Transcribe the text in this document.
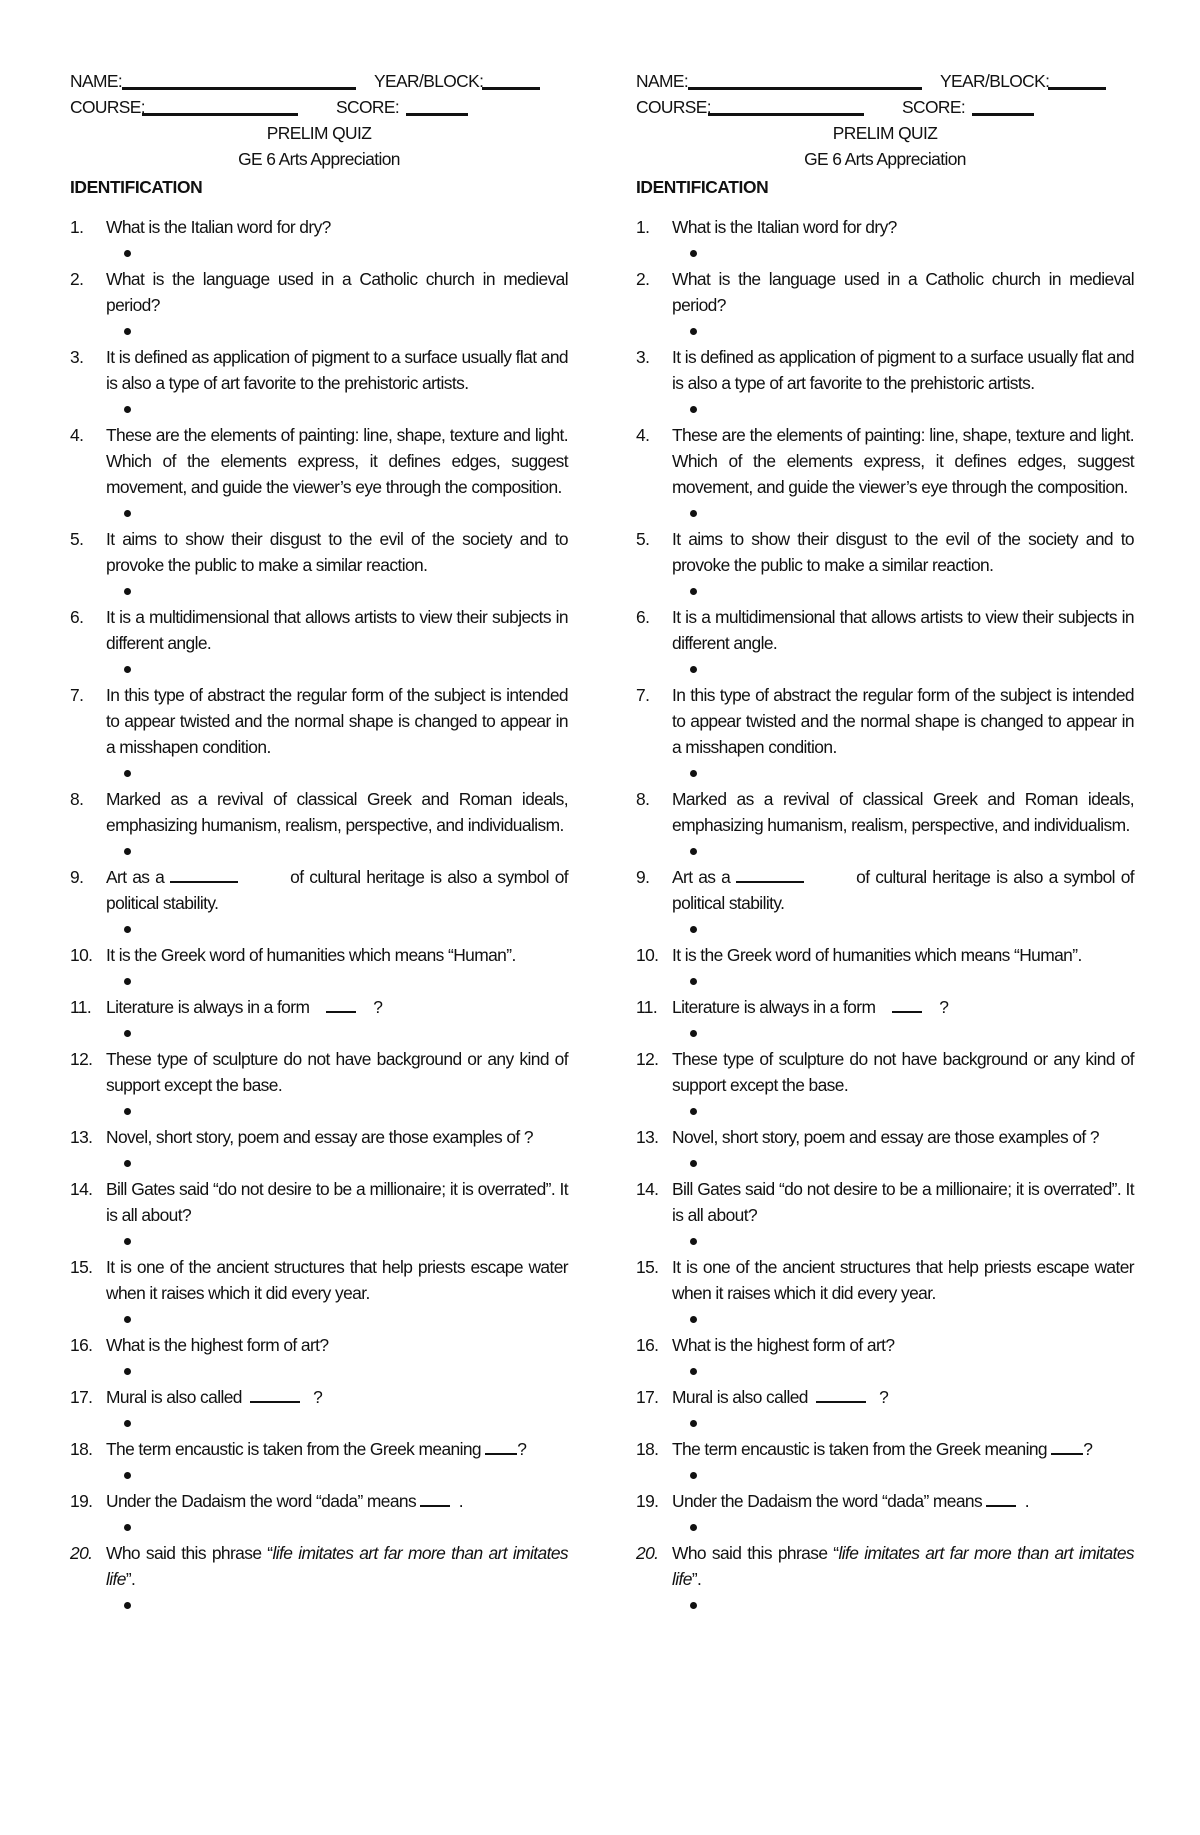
NAME:	YEAR/BLOCK:
COURSE:	SCORE:
PRELIM QUIZ
GE 6 Arts Appreciation
IDENTIFICATION
1. What is the Italian word for dry?
2. What is the language used in a Catholic church in medieval period?
3. It is defined as application of pigment to a surface usually flat and is also a type of art favorite to the prehistoric artists.
4. These are the elements of painting: line, shape, texture and light. Which of the elements express, it defines edges, suggest movement, and guide the viewer’s eye through the composition.
5. It aims to show their disgust to the evil of the society and to provoke the public to make a similar reaction.
6. It is a multidimensional that allows artists to view their subjects in different angle.
7. In this type of abstract the regular form of the subject is intended to appear twisted and the normal shape is changed to appear in a misshapen condition.
8. Marked as a revival of classical Greek and Roman ideals, emphasizing humanism, realism, perspective, and individualism.
9. Art as a	of cultural heritage is also a symbol of political stability.
10. It is the Greek word of humanities which means “Human”.
11. Literature is always in a form	?
12. These type of sculpture do not have background or any kind of support except the base.
13. Novel, short story, poem and essay are those examples of ?
14. Bill Gates said “do not desire to be a millionaire; it is overrated”. It is all about?
15. It is one of the ancient structures that help priests escape water when it raises which it did every year.
16. What is the highest form of art?
17. Mural is also called	?
18. The term encaustic is taken from the Greek meaning ?
19. Under the Dadaism the word “dada” means .
20. Who said this phrase “life imitates art far more than art imitates life”.
NAME:	YEAR/BLOCK:
COURSE:	SCORE:
PRELIM QUIZ
GE 6 Arts Appreciation
IDENTIFICATION
1. What is the Italian word for dry?
2. What is the language used in a Catholic church in medieval period?
3. It is defined as application of pigment to a surface usually flat and is also a type of art favorite to the prehistoric artists.
4. These are the elements of painting: line, shape, texture and light. Which of the elements express, it defines edges, suggest movement, and guide the viewer’s eye through the composition.
5. It aims to show their disgust to the evil of the society and to provoke the public to make a similar reaction.
6. It is a multidimensional that allows artists to view their subjects in different angle.
7. In this type of abstract the regular form of the subject is intended to appear twisted and the normal shape is changed to appear in a misshapen condition.
8. Marked as a revival of classical Greek and Roman ideals, emphasizing humanism, realism, perspective, and individualism.
9. Art as a	of cultural heritage is also a symbol of political stability.
10. It is the Greek word of humanities which means “Human”.
11. Literature is always in a form	?
12. These type of sculpture do not have background or any kind of support except the base.
13. Novel, short story, poem and essay are those examples of ?
14. Bill Gates said “do not desire to be a millionaire; it is overrated”. It is all about?
15. It is one of the ancient structures that help priests escape water when it raises which it did every year.
16. What is the highest form of art?
17. Mural is also called	?
18. The term encaustic is taken from the Greek meaning ?
19. Under the Dadaism the word “dada” means .
20. Who said this phrase “life imitates art far more than art imitates life”.
